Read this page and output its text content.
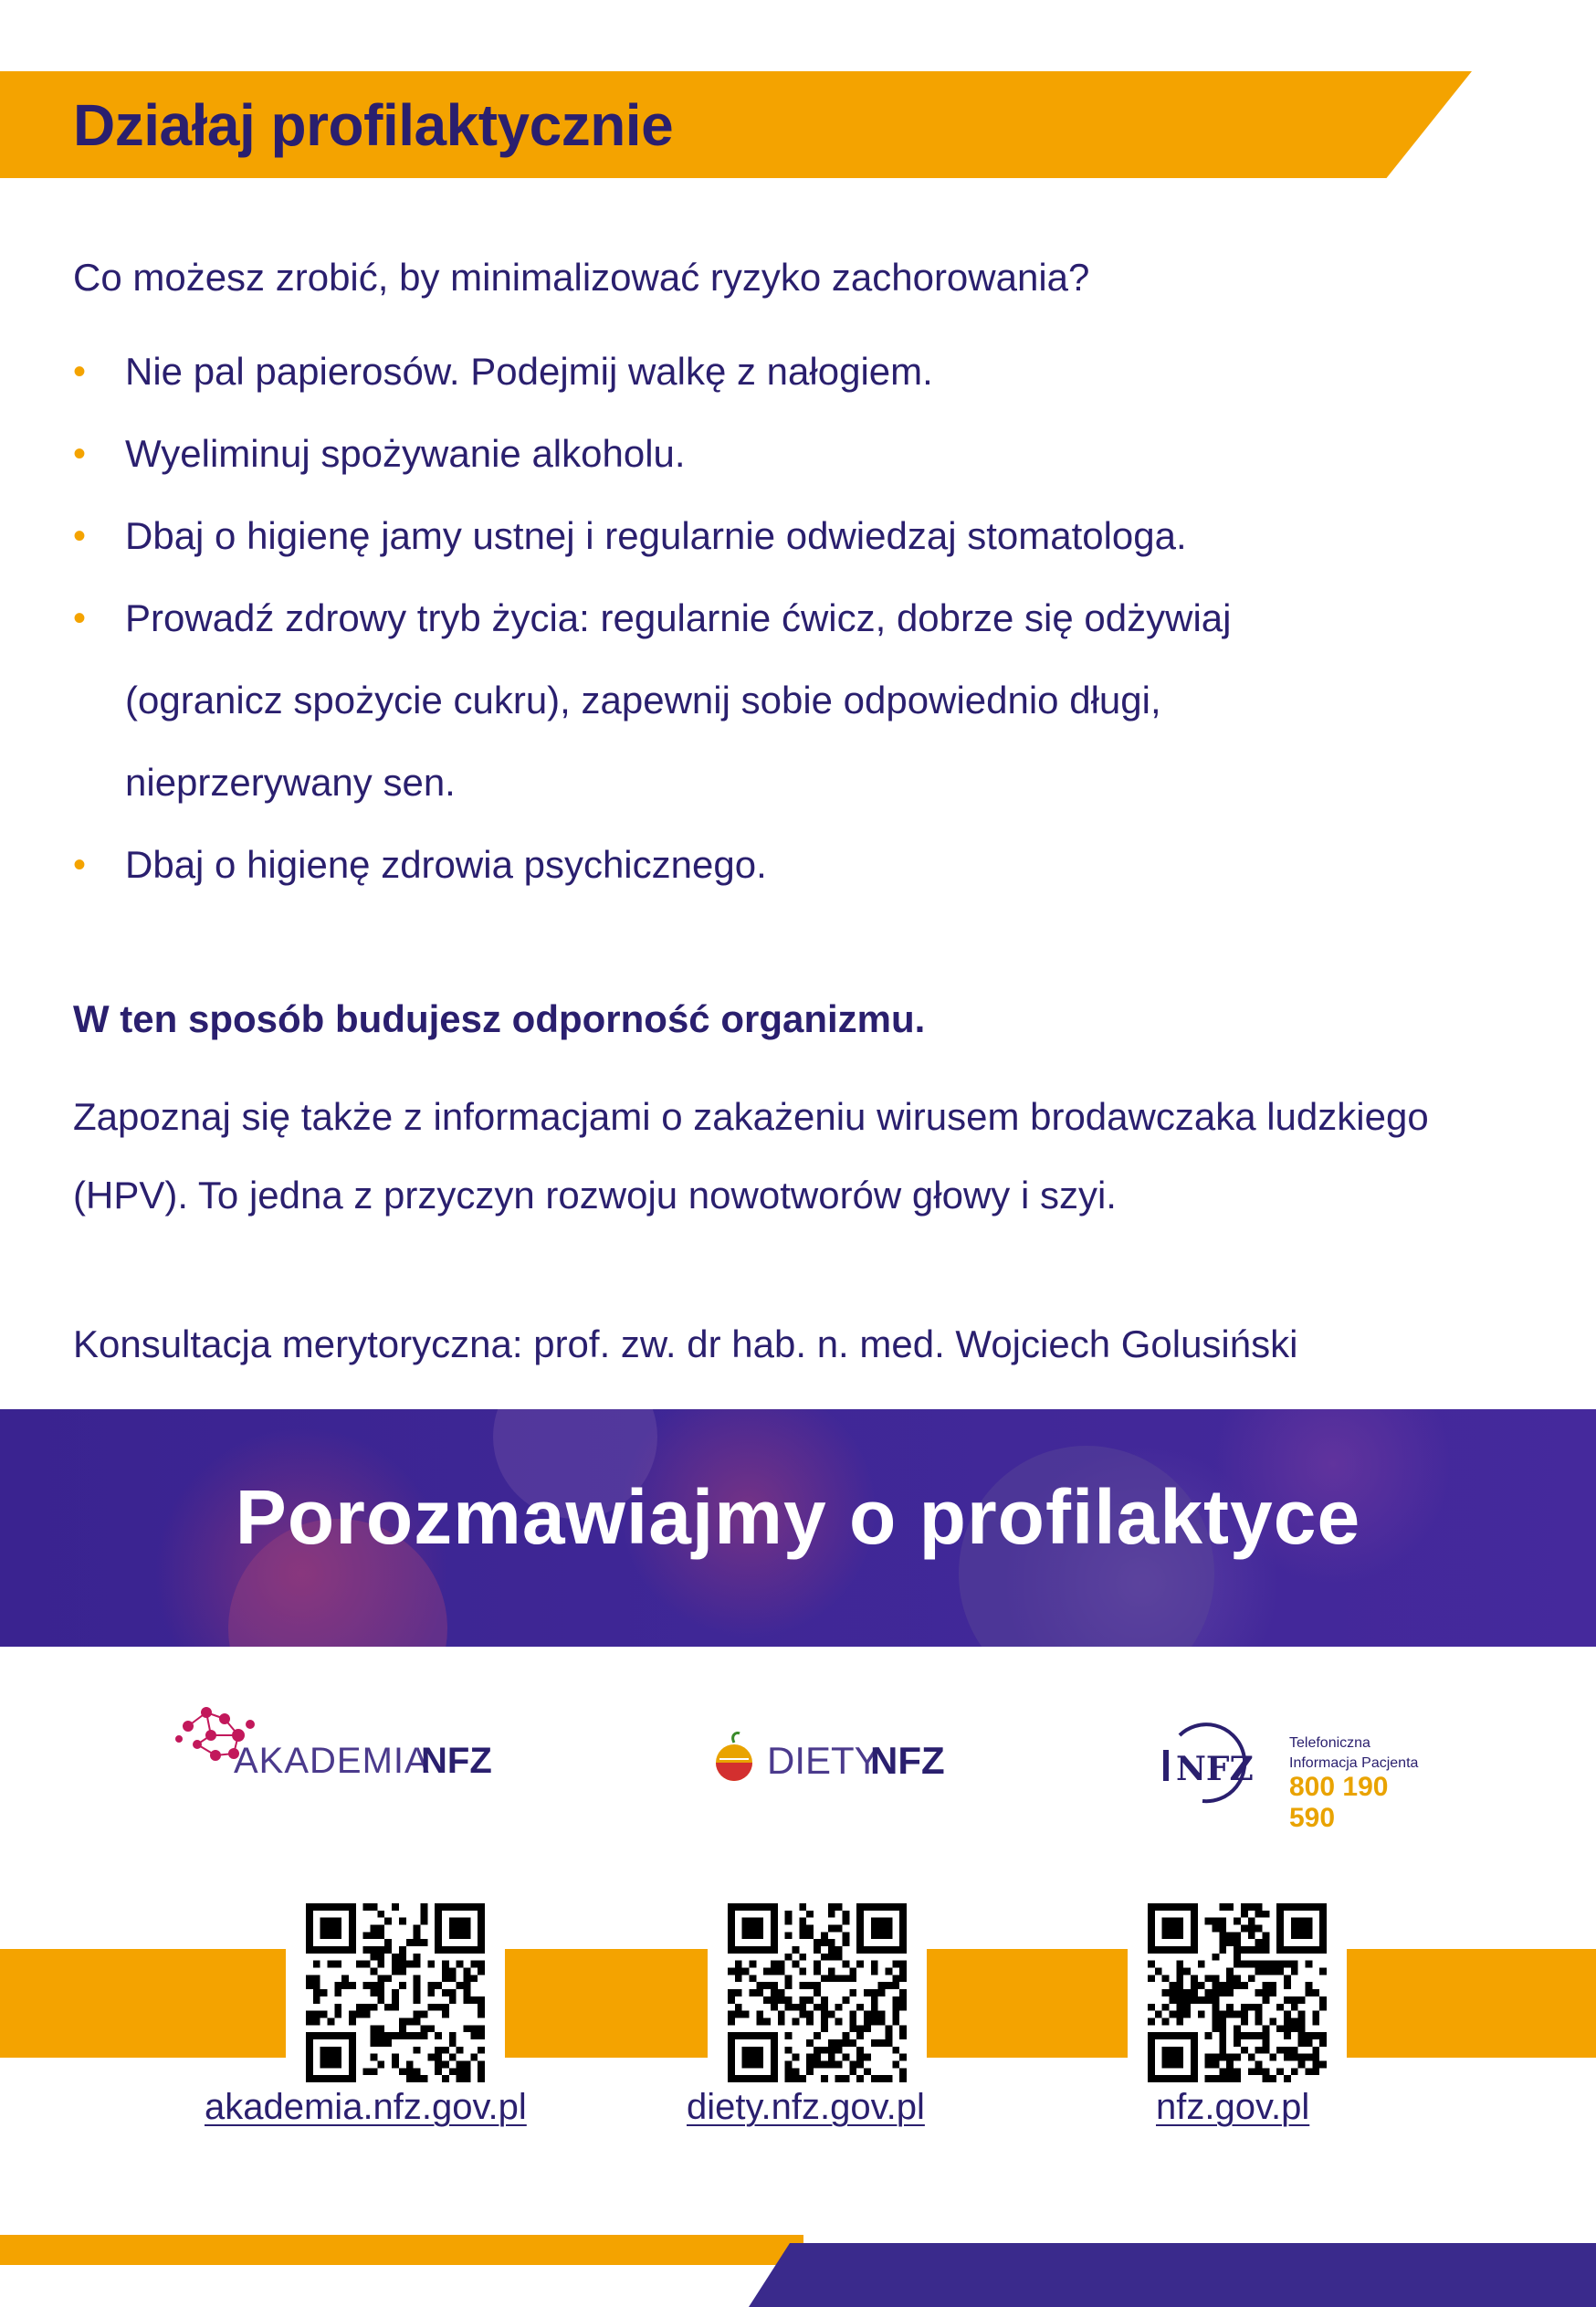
Działaj profilaktycznie
Co możesz zrobić, by minimalizować ryzyko zachorowania?
• Nie pal papierosów. Podejmij walkę z nałogiem.
• Wyeliminuj spożywanie alkoholu.
• Dbaj o higienę jamy ustnej i regularnie odwiedzaj stomatologa.
• Prowadź zdrowy tryb życia: regularnie ćwicz, dobrze się odżywiaj (ogranicz spożycie cukru), zapewnij sobie odpowiednio długi, nieprzerywany sen.
• Dbaj o higienę zdrowia psychicznego.
W ten sposób budujesz odporność organizmu.

Zapoznaj się także z informacjami o zakażeniu wirusem brodawczaka ludzkiego (HPV). To jedna z przyczyn rozwoju nowotworów głowy i szyi.

Konsultacja merytoryczna: prof. zw. dr hab. n. med. Wojciech Golusiński
Porozmawiajmy o profilaktyce
AKADEMIA
NFZ	DIETY
NFZ	NFZ
Telefoniczna
Informacja Pacjenta
800 190 590
akademia.nfz.gov.pl	diety.nfz.gov.pl	nfz.gov.pl
